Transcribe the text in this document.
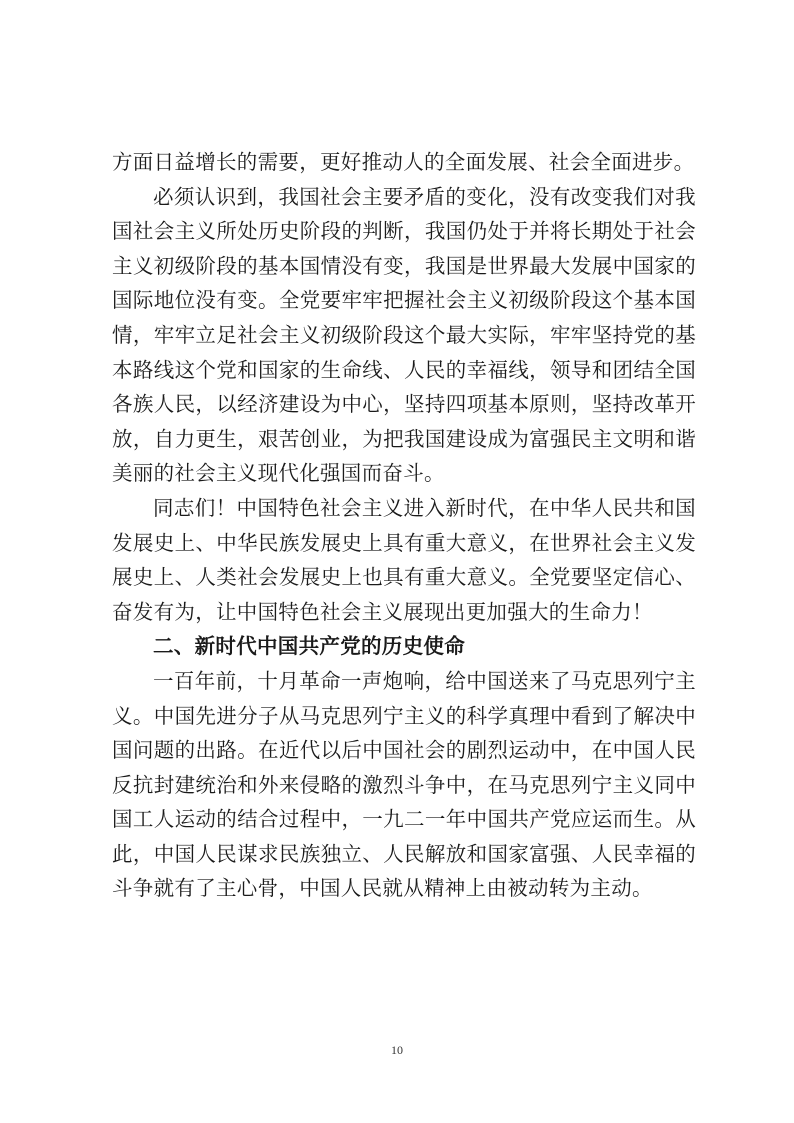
方面日益增长的需要，更好推动人的全面发展、社会全面进步。

必须认识到，我国社会主要矛盾的变化，没有改变我们对我国社会主义所处历史阶段的判断，我国仍处于并将长期处于社会主义初级阶段的基本国情没有变，我国是世界最大发展中国家的国际地位没有变。全党要牢牢把握社会主义初级阶段这个基本国情，牢牢立足社会主义初级阶段这个最大实际，牢牢坚持党的基本路线这个党和国家的生命线、人民的幸福线，领导和团结全国各族人民，以经济建设为中心，坚持四项基本原则，坚持改革开放，自力更生，艰苦创业，为把我国建设成为富强民主文明和谐美丽的社会主义现代化强国而奋斗。

同志们！中国特色社会主义进入新时代，在中华人民共和国发展史上、中华民族发展史上具有重大意义，在世界社会主义发展史上、人类社会发展史上也具有重大意义。全党要坚定信心、奋发有为，让中国特色社会主义展现出更加强大的生命力！

二、新时代中国共产党的历史使命

一百年前，十月革命一声炮响，给中国送来了马克思列宁主义。中国先进分子从马克思列宁主义的科学真理中看到了解决中国问题的出路。在近代以后中国社会的剧烈运动中，在中国人民反抗封建统治和外来侵略的激烈斗争中，在马克思列宁主义同中国工人运动的结合过程中，一九二一年中国共产党应运而生。从此，中国人民谋求民族独立、人民解放和国家富强、人民幸福的斗争就有了主心骨，中国人民就从精神上由被动转为主动。

10
